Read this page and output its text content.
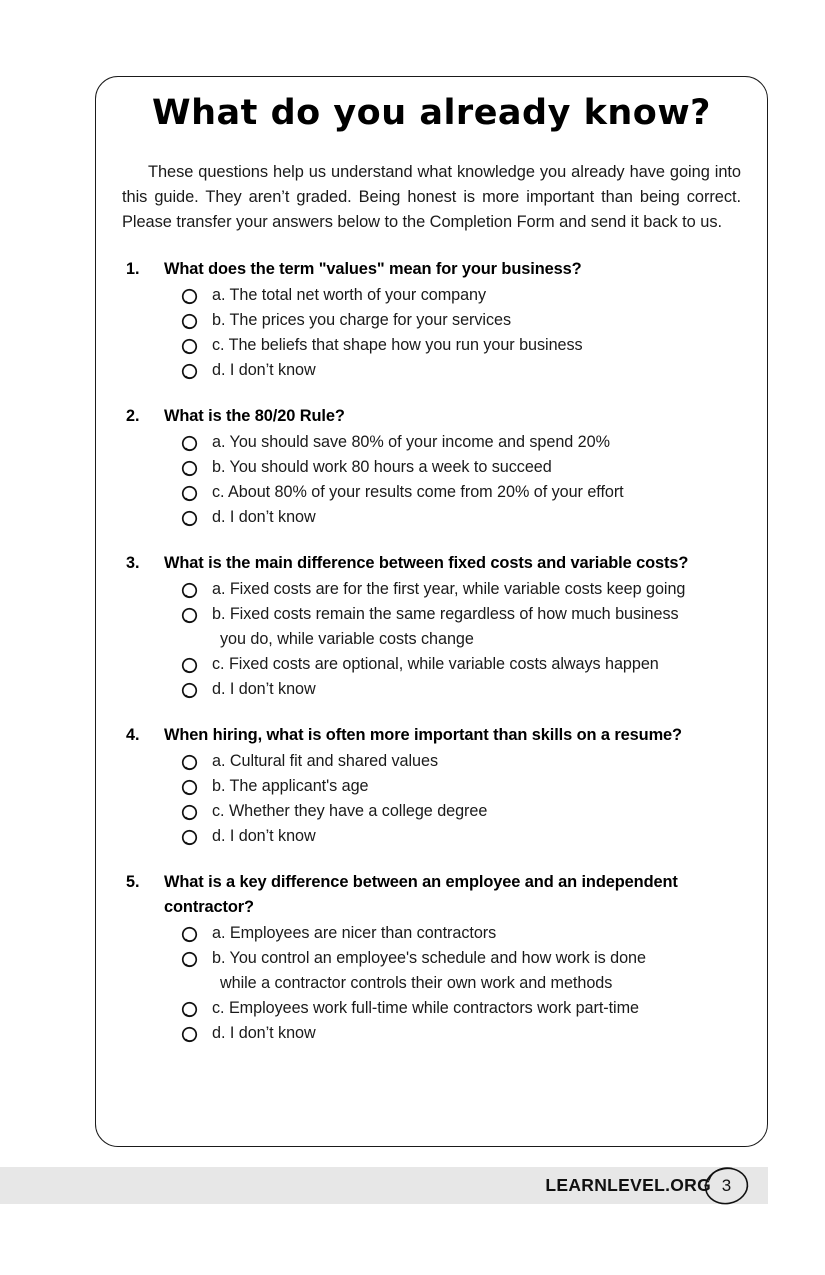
What do you already know?

These questions help us understand what knowledge you already have going into this guide. They aren’t graded. Being honest is more important than being correct. Please transfer your answers below to the Completion Form and send it back to us.

1.	What does the term "values" mean for your business?
a. The total net worth of your company
b. The prices you charge for your services
c. The beliefs that shape how you run your business
d. I don’t know
2.	What is the 80/20 Rule?
a. You should save 80% of your income and spend 20%
b. You should work 80 hours a week to succeed
c. About 80% of your results come from 20% of your effort
d. I don’t know
3.	What is the main difference between fixed costs and variable costs?
a. Fixed costs are for the first year, while variable costs keep going
b. Fixed costs remain the same regardless of how much business
you do, while variable costs change
c. Fixed costs are optional, while variable costs always happen
d. I don’t know
4.	When hiring, what is often more important than skills on a resume?
a. Cultural fit and shared values
b. The applicant's age
c. Whether they have a college degree
d. I don’t know
5.	What is a key difference between an employee and an independent contractor?
a. Employees are nicer than contractors
b. You control an employee's schedule and how work is done
while a contractor controls their own work and methods
c. Employees work full-time while contractors work part-time
d. I don’t know
LEARNLEVEL.ORG 3
